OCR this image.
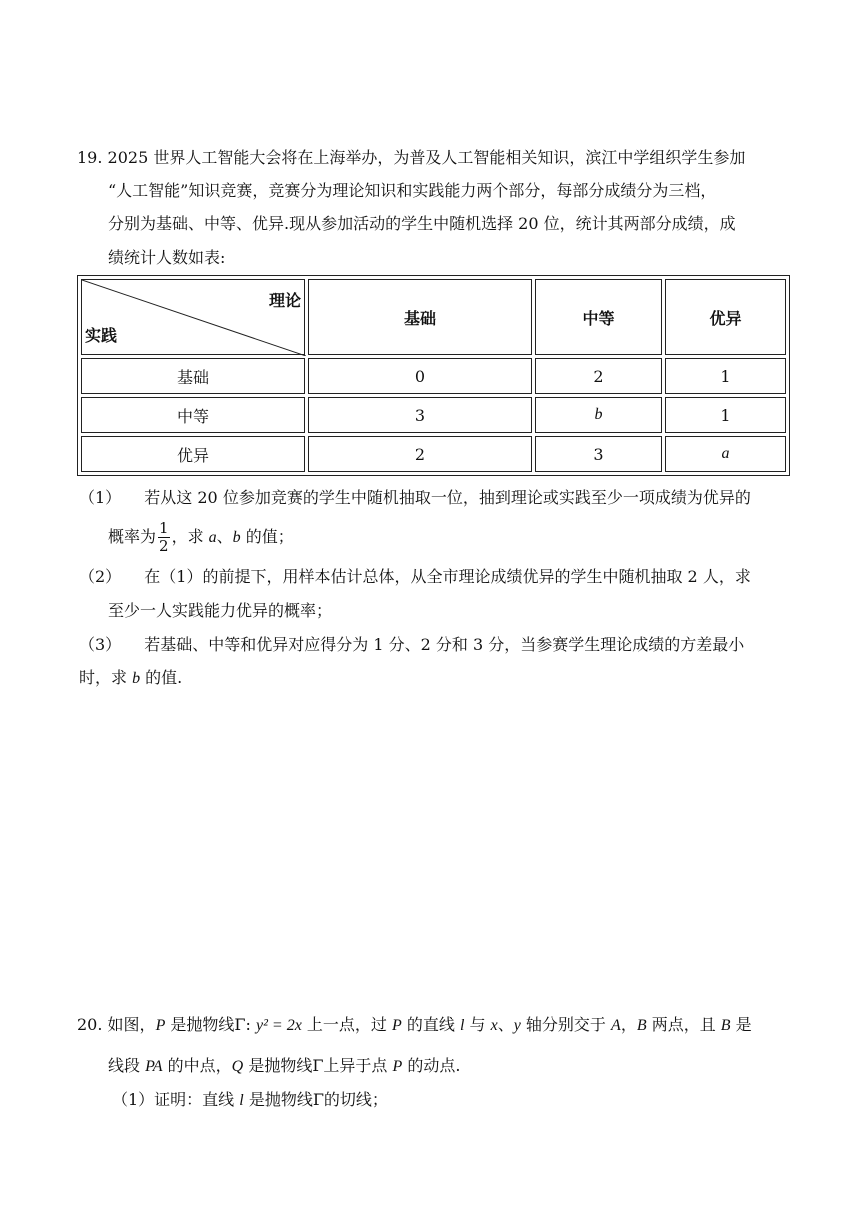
19. 2025 世界人工智能大会将在上海举办，为普及人工智能相关知识，滨江中学组织学生参加
“人工智能”知识竞赛，竞赛分为理论知识和实践能力两个部分，每部分成绩分为三档，
分别为基础、中等、优异.现从参加活动的学生中随机选择 20 位，统计其两部分成绩，成
绩统计人数如表:
理论
实践	基础	中等	优异
基础	0	2	1
中等	3	b	1
优异	2	3	a
（1） 若从这 20 位参加竞赛的学生中随机抽取一位，抽到理论或实践至少一项成绩为优异的
概率为 $\frac{1}{2}$ ，求 a、b 的值；
（2） 在（1）的前提下，用样本估计总体，从全市理论成绩优异的学生中随机抽取 2 人，求
至少一人实践能力优异的概率；
（3） 若基础、中等和优异对应得分为 1 分、2 分和 3 分，当参赛学生理论成绩的方差最小
时，求 b 的值.
20. 如图，P 是抛物线Γ: y² = 2x 上一点，过 P 的直线 l 与 x、y 轴分别交于 A，B 两点，且 B 是
线段 PA 的中点，Q 是抛物线Γ上异于点 P 的动点.
（1）证明：直线 l 是抛物线Γ的切线；
